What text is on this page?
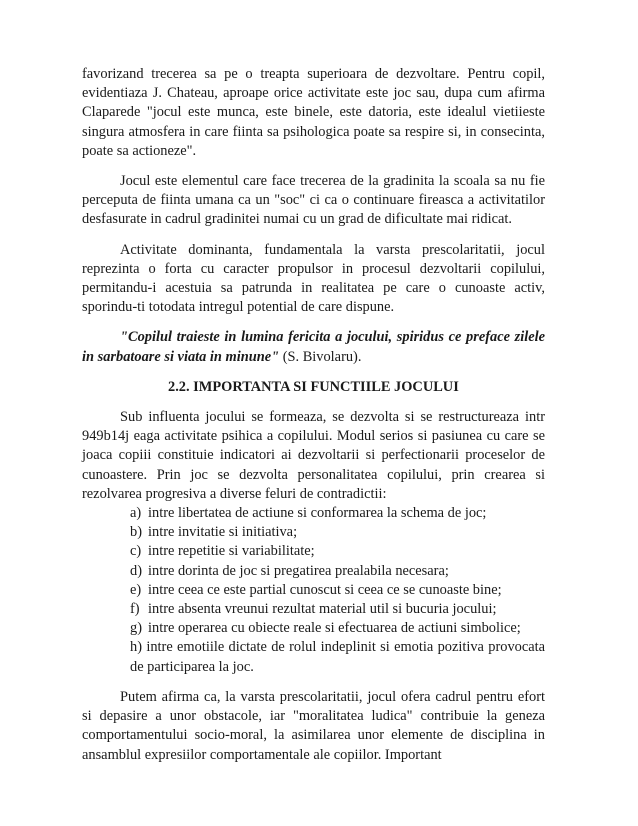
favorizand trecerea sa pe o treapta superioara de dezvoltare. Pentru copil, evidentiaza J. Chateau, aproape orice activitate este joc sau, dupa cum afirma Claparede "jocul este munca, este binele, este datoria, este idealul vietiieste singura atmosfera in care fiinta sa psihologica poate sa respire si, in consecinta, poate sa actioneze".

Jocul este elementul care face trecerea de la gradinita la scoala sa nu fie perceputa de fiinta umana ca un "soc" ci ca o continuare fireasca a activitatilor desfasurate in cadrul gradinitei numai cu un grad de dificultate mai ridicat.

Activitate dominanta, fundamentala la varsta prescolaritatii, jocul reprezinta o forta cu caracter propulsor in procesul dezvoltarii copilului, permitandu-i acestuia sa patrunda in realitatea pe care o cunoaste activ, sporindu-ti totodata intregul potential de care dispune.

"Copilul traieste in lumina fericita a jocului, spiridus ce preface zilele in sarbatoare si viata in minune" (S. Bivolaru).

2.2. IMPORTANTA SI FUNCTIILE JOCULUI

Sub influenta jocului se formeaza, se dezvolta si se restructureaza intr 949b14j eaga activitate psihica a copilului. Modul serios si pasiunea cu care se joaca copiii constituie indicatori ai dezvoltarii si perfectionarii proceselor de cunoastere. Prin joc se dezvolta personalitatea copilului, prin crearea si rezolvarea progresiva a diverse feluri de contradictii:

a) intre libertatea de actiune si conformarea la schema de joc;
b) intre invitatie si initiativa;
c) intre repetitie si variabilitate;
d) intre dorinta de joc si pregatirea prealabila necesara;
e) intre ceea ce este partial cunoscut si ceea ce se cunoaste bine;
f) intre absenta vreunui rezultat material util si bucuria jocului;
g) intre operarea cu obiecte reale si efectuarea de actiuni simbolice;
h) intre emotiile dictate de rolul indeplinit si emotia pozitiva provocata de participarea la joc.

Putem afirma ca, la varsta prescolaritatii, jocul ofera cadrul pentru efort si depasire a unor obstacole, iar "moralitatea ludica" contribuie la geneza comportamentului socio-moral, la asimilarea unor elemente de disciplina in ansamblul expresiilor comportamentale ale copiilor. Important
